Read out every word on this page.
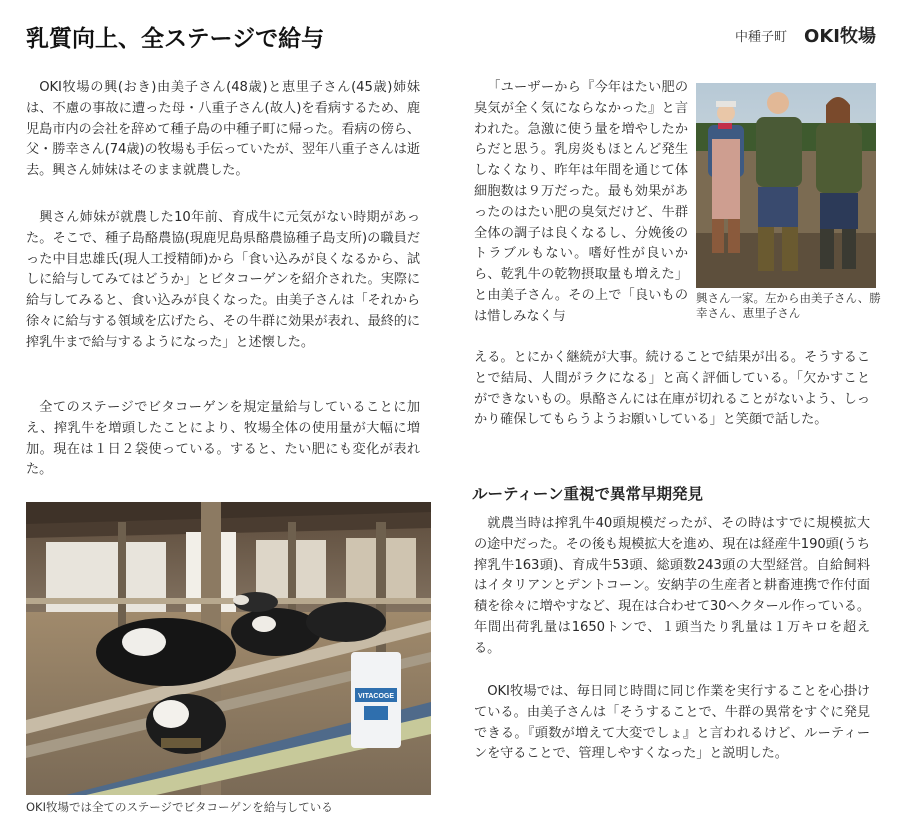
乳質向上、全ステージで給与	中種子町 OKI牧場

OKI牧場の興(おき)由美子さん(48歳)と恵里子さん(45歳)姉妹は、不慮の事故に遭った母・八重子さん(故人)を看病するため、鹿児島市内の会社を辞めて種子島の中種子町に帰った。看病の傍ら、父・勝幸さん(74歳)の牧場も手伝っていたが、翌年八重子さんは逝去。興さん姉妹はそのまま就農した。

興さん姉妹が就農した10年前、育成牛に元気がない時期があった。そこで、種子島酪農協(現鹿児島県酪農協種子島支所)の職員だった中目忠雄氏(現人工授精師)から「食い込みが良くなるから、試しに給与してみてはどうか」とビタコーゲンを紹介された。実際に給与してみると、食い込みが良くなった。由美子さんは「それから徐々に給与する領域を広げたら、その牛群に効果が表れ、最終的に搾乳牛まで給与するようになった」と述懐した。

全てのステージでビタコーゲンを規定量給与していることに加え、搾乳牛を増頭したことにより、牧場全体の使用量が大幅に増加。現在は１日２袋使っている。すると、たい肥にも変化が表れた。

VITACOGE

OKI牧場では全てのステージでビタコーゲンを給与している

「ユーザーから『今年はたい肥の臭気が全く気にならなかった』と言われた。急激に使う量を増やしたからだと思う。乳房炎もほとんど発生しなくなり、昨年は年間を通じて体細胞数は９万だった。最も効果があったのはたい肥の臭気だけど、牛群全体の調子は良くなるし、分娩後のトラブルもない。嗜好性が良いから、乾乳牛の乾物摂取量も増えた」と由美子さん。その上で「良いものは惜しみなく与

興さん一家。左から由美子さん、勝幸さん、恵里子さん

える。とにかく継続が大事。続けることで結果が出る。そうすることで結局、人間がラクになる」と高く評価している。「欠かすことができないもの。県酪さんには在庫が切れることがないよう、しっかり確保してもらうようお願いしている」と笑顔で話した。

ルーティーン重視で異常早期発見

就農当時は搾乳牛40頭規模だったが、その時はすでに規模拡大の途中だった。その後も規模拡大を進め、現在は経産牛190頭(うち搾乳牛163頭)、育成牛53頭、総頭数243頭の大型経営。自給飼料はイタリアンとデントコーン。安納芋の生産者と耕畜連携で作付面積を徐々に増やすなど、現在は合わせて30ヘクタール作っている。年間出荷乳量は1650トンで、１頭当たり乳量は１万キロを超える。

OKI牧場では、毎日同じ時間に同じ作業を実行することを心掛けている。由美子さんは「そうすることで、牛群の異常をすぐに発見できる。『頭数が増えて大変でしょ』と言われるけど、ルーティーンを守ることで、管理しやすくなった」と説明した。
